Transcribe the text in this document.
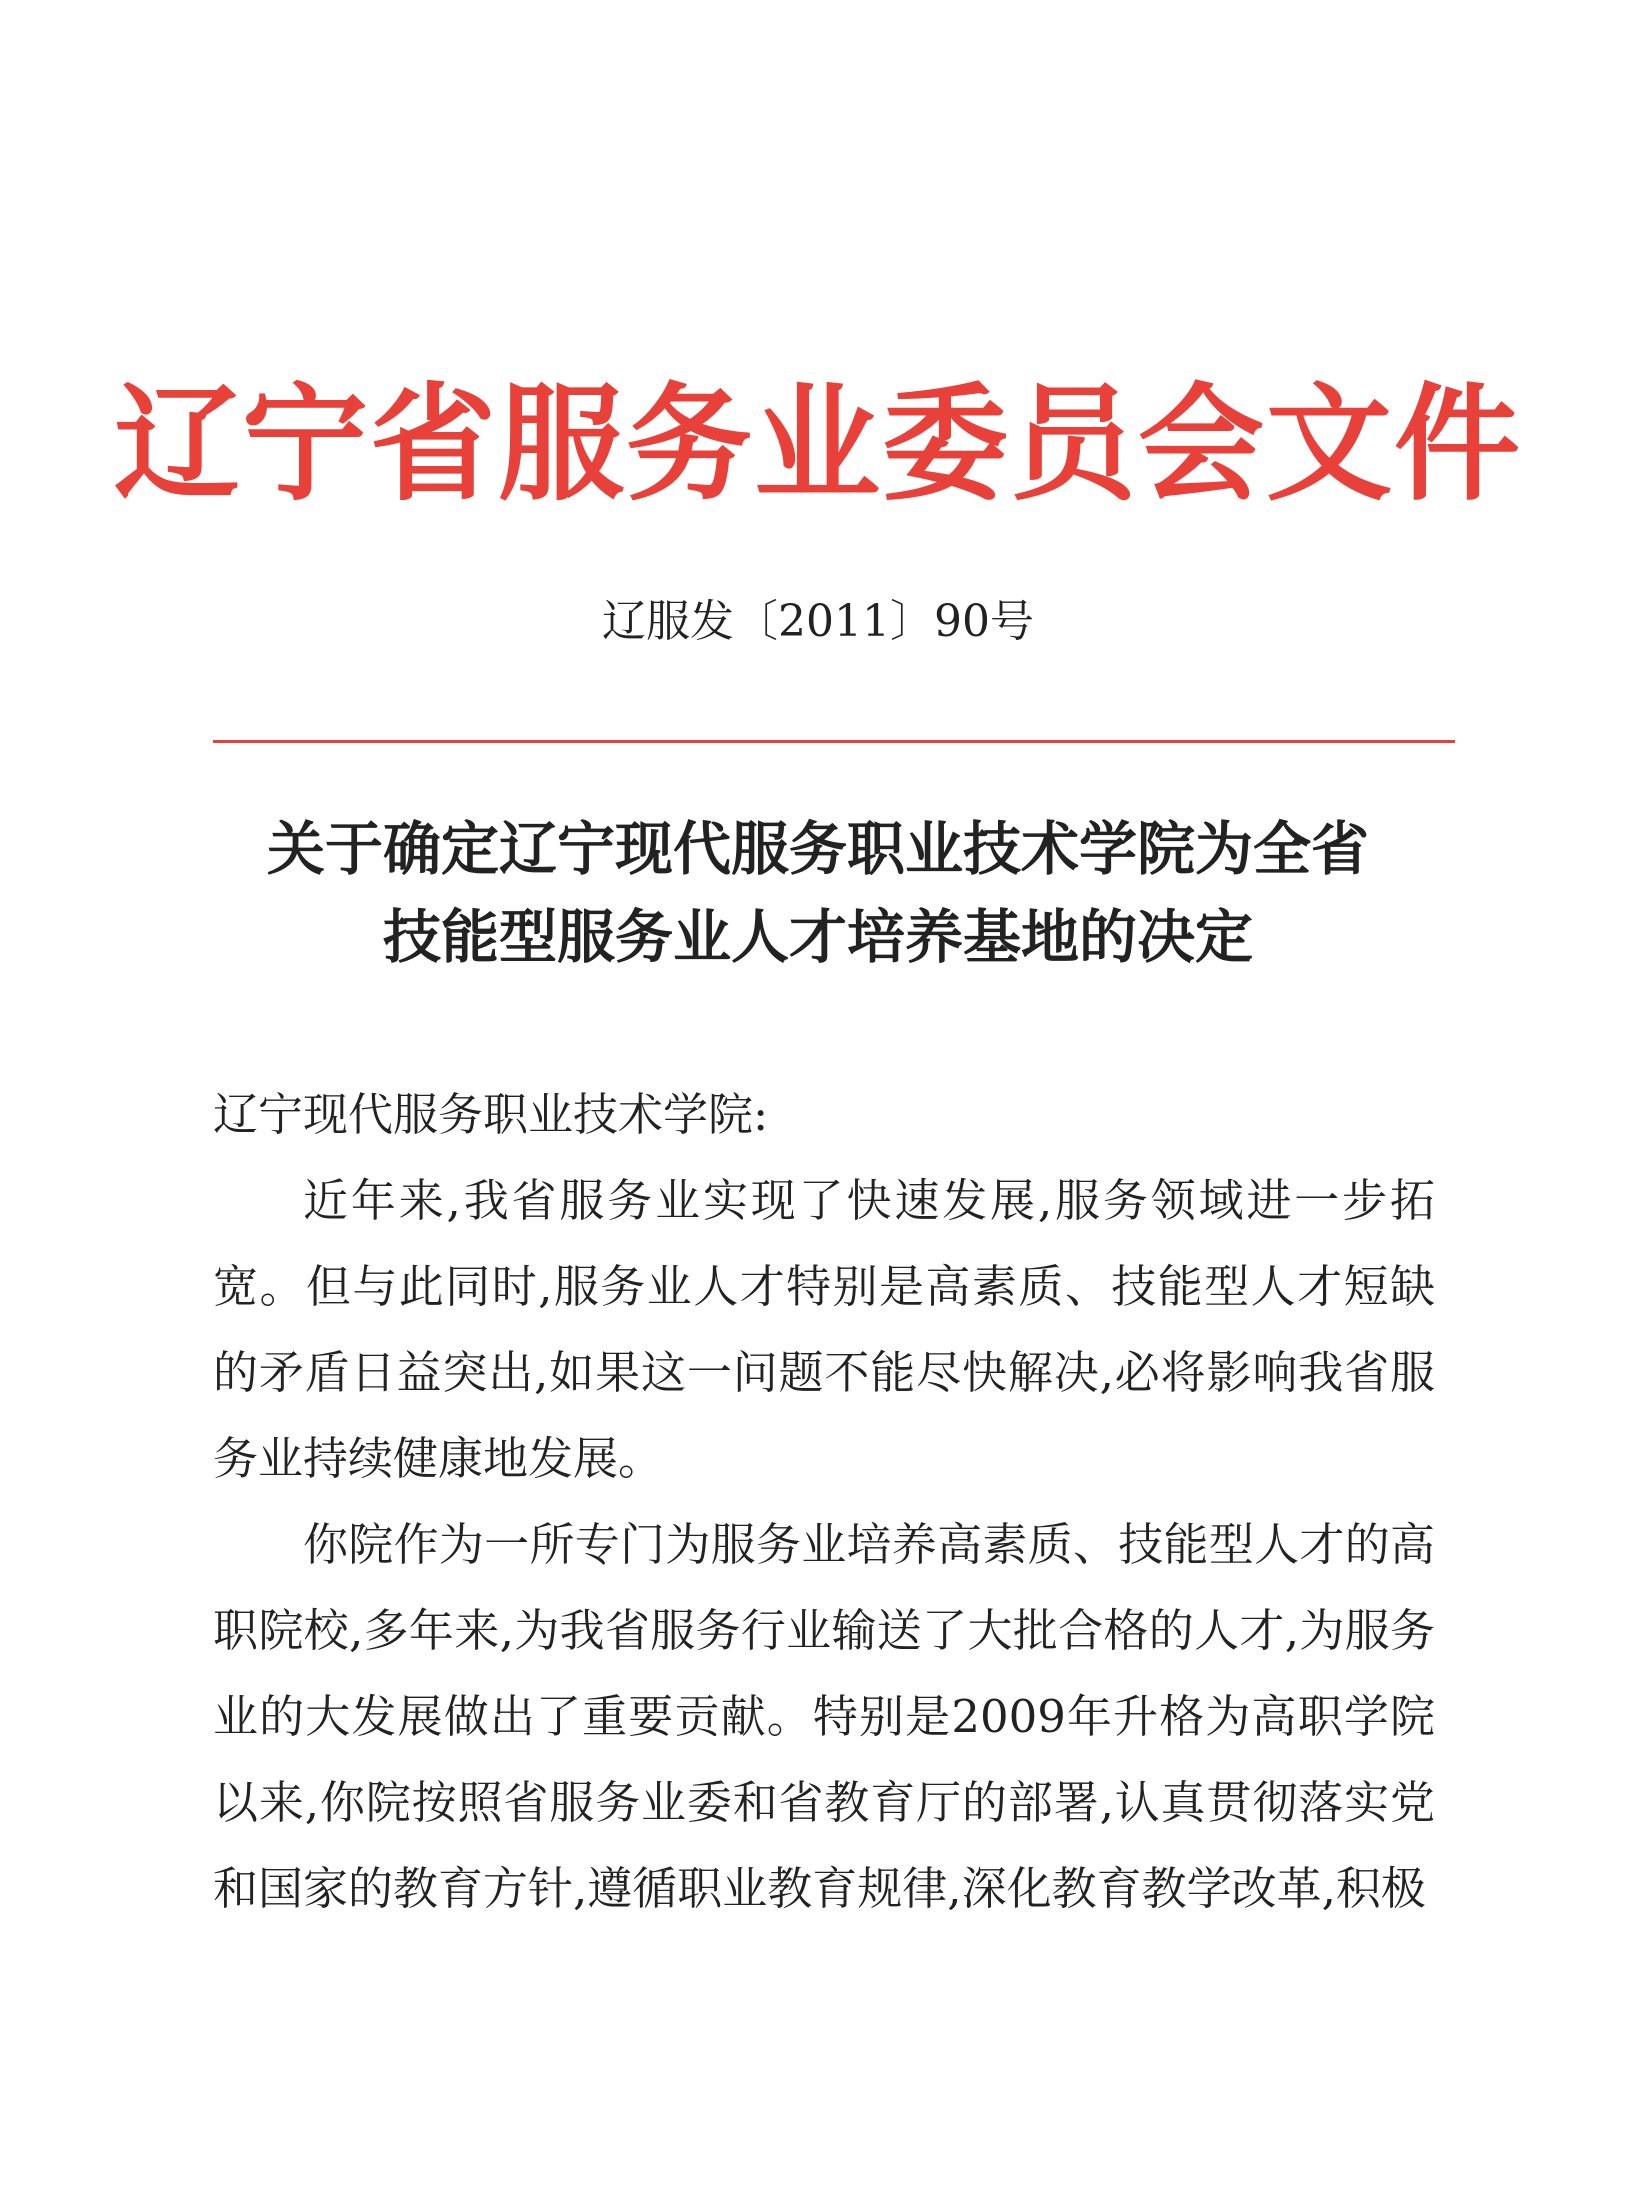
辽宁省服务业委员会文件
辽服发〔2011〕90号
关于确定辽宁现代服务职业技术学院为全省
技能型服务业人才培养基地的决定
辽宁现代服务职业技术学院:
近年来,我省服务业实现了快速发展,服务领域进一步拓宽。但与此同时,服务业人才特别是高素质、技能型人才短缺的矛盾日益突出,如果这一问题不能尽快解决,必将影响我省服务业持续健康地发展。
你院作为一所专门为服务业培养高素质、技能型人才的高职院校,多年来,为我省服务行业输送了大批合格的人才,为服务业的大发展做出了重要贡献。特别是2009年升格为高职学院以来,你院按照省服务业委和省教育厅的部署,认真贯彻落实党和国家的教育方针,遵循职业教育规律,深化教育教学改革,积极
